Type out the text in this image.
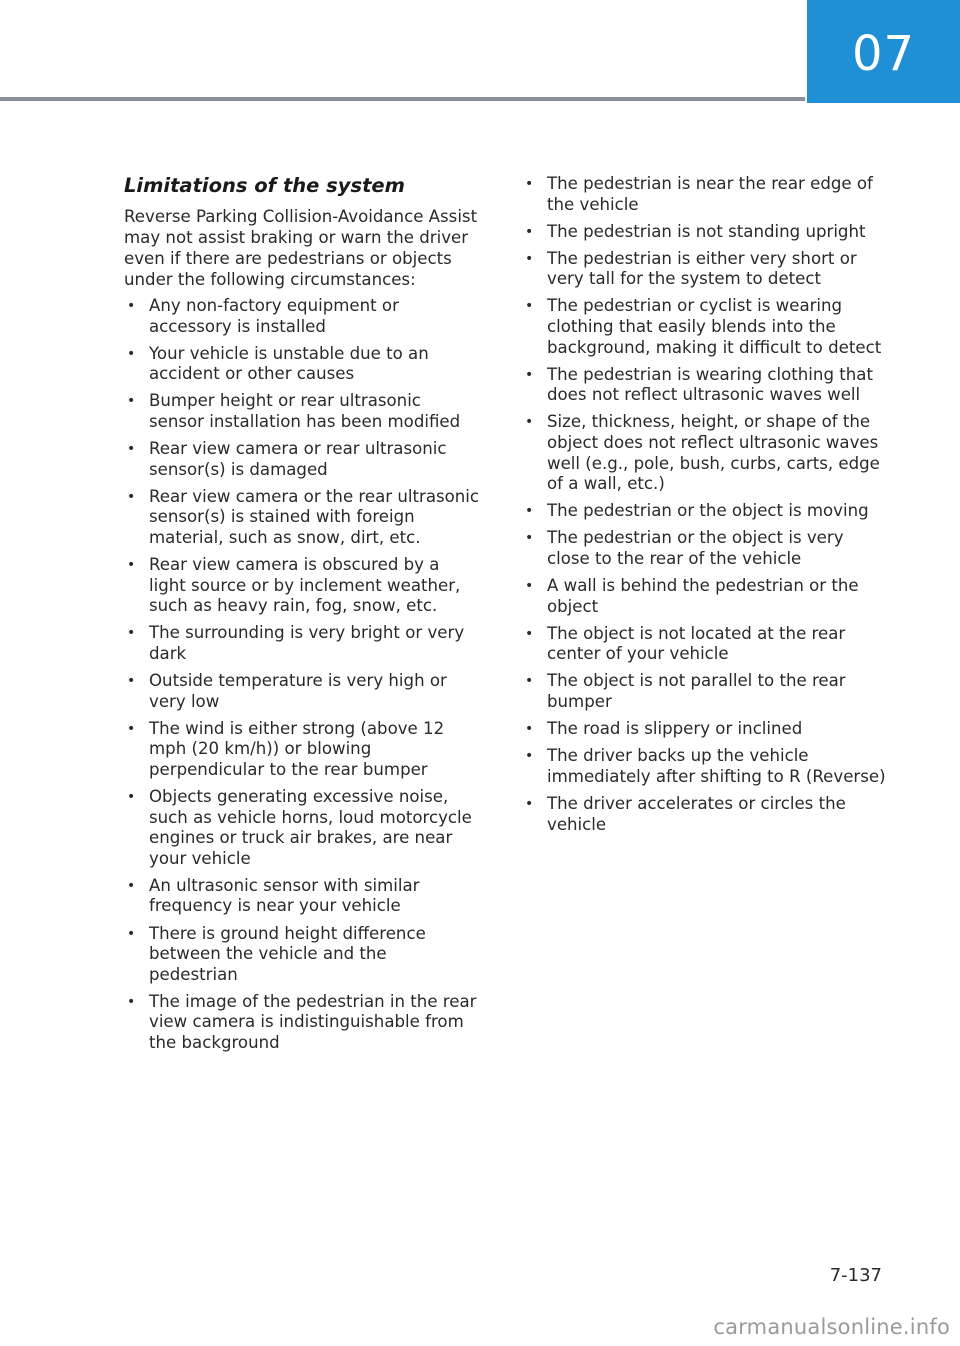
07
Limitations of the system

Reverse Parking Collision-Avoidance Assist may not assist braking or warn the driver even if there are pedestrians or objects under the following circumstances:

• Any non-factory equipment or accessory is installed
• Your vehicle is unstable due to an accident or other causes
• Bumper height or rear ultrasonic sensor installation has been modified
• Rear view camera or rear ultrasonic sensor(s) is damaged
• Rear view camera or the rear ultrasonic sensor(s) is stained with foreign material, such as snow, dirt, etc.
• Rear view camera is obscured by a light source or by inclement weather, such as heavy rain, fog, snow, etc.
• The surrounding is very bright or very dark
• Outside temperature is very high or very low
• The wind is either strong (above 12 mph (20 km/h)) or blowing perpendicular to the rear bumper
• Objects generating excessive noise, such as vehicle horns, loud motorcycle engines or truck air brakes, are near your vehicle
• An ultrasonic sensor with similar frequency is near your vehicle
• There is ground height difference between the vehicle and the pedestrian
• The image of the pedestrian in the rear view camera is indistinguishable from the background
• The pedestrian is near the rear edge of the vehicle
• The pedestrian is not standing upright
• The pedestrian is either very short or very tall for the system to detect
• The pedestrian or cyclist is wearing clothing that easily blends into the background, making it difficult to detect
• The pedestrian is wearing clothing that does not reflect ultrasonic waves well
• Size, thickness, height, or shape of the object does not reflect ultrasonic waves well (e.g., pole, bush, curbs, carts, edge of a wall, etc.)
• The pedestrian or the object is moving
• The pedestrian or the object is very close to the rear of the vehicle
• A wall is behind the pedestrian or the object
• The object is not located at the rear center of your vehicle
• The object is not parallel to the rear bumper
• The road is slippery or inclined
• The driver backs up the vehicle immediately after shifting to R (Reverse)
• The driver accelerates or circles the vehicle
7-137
carmanualsonline.info
